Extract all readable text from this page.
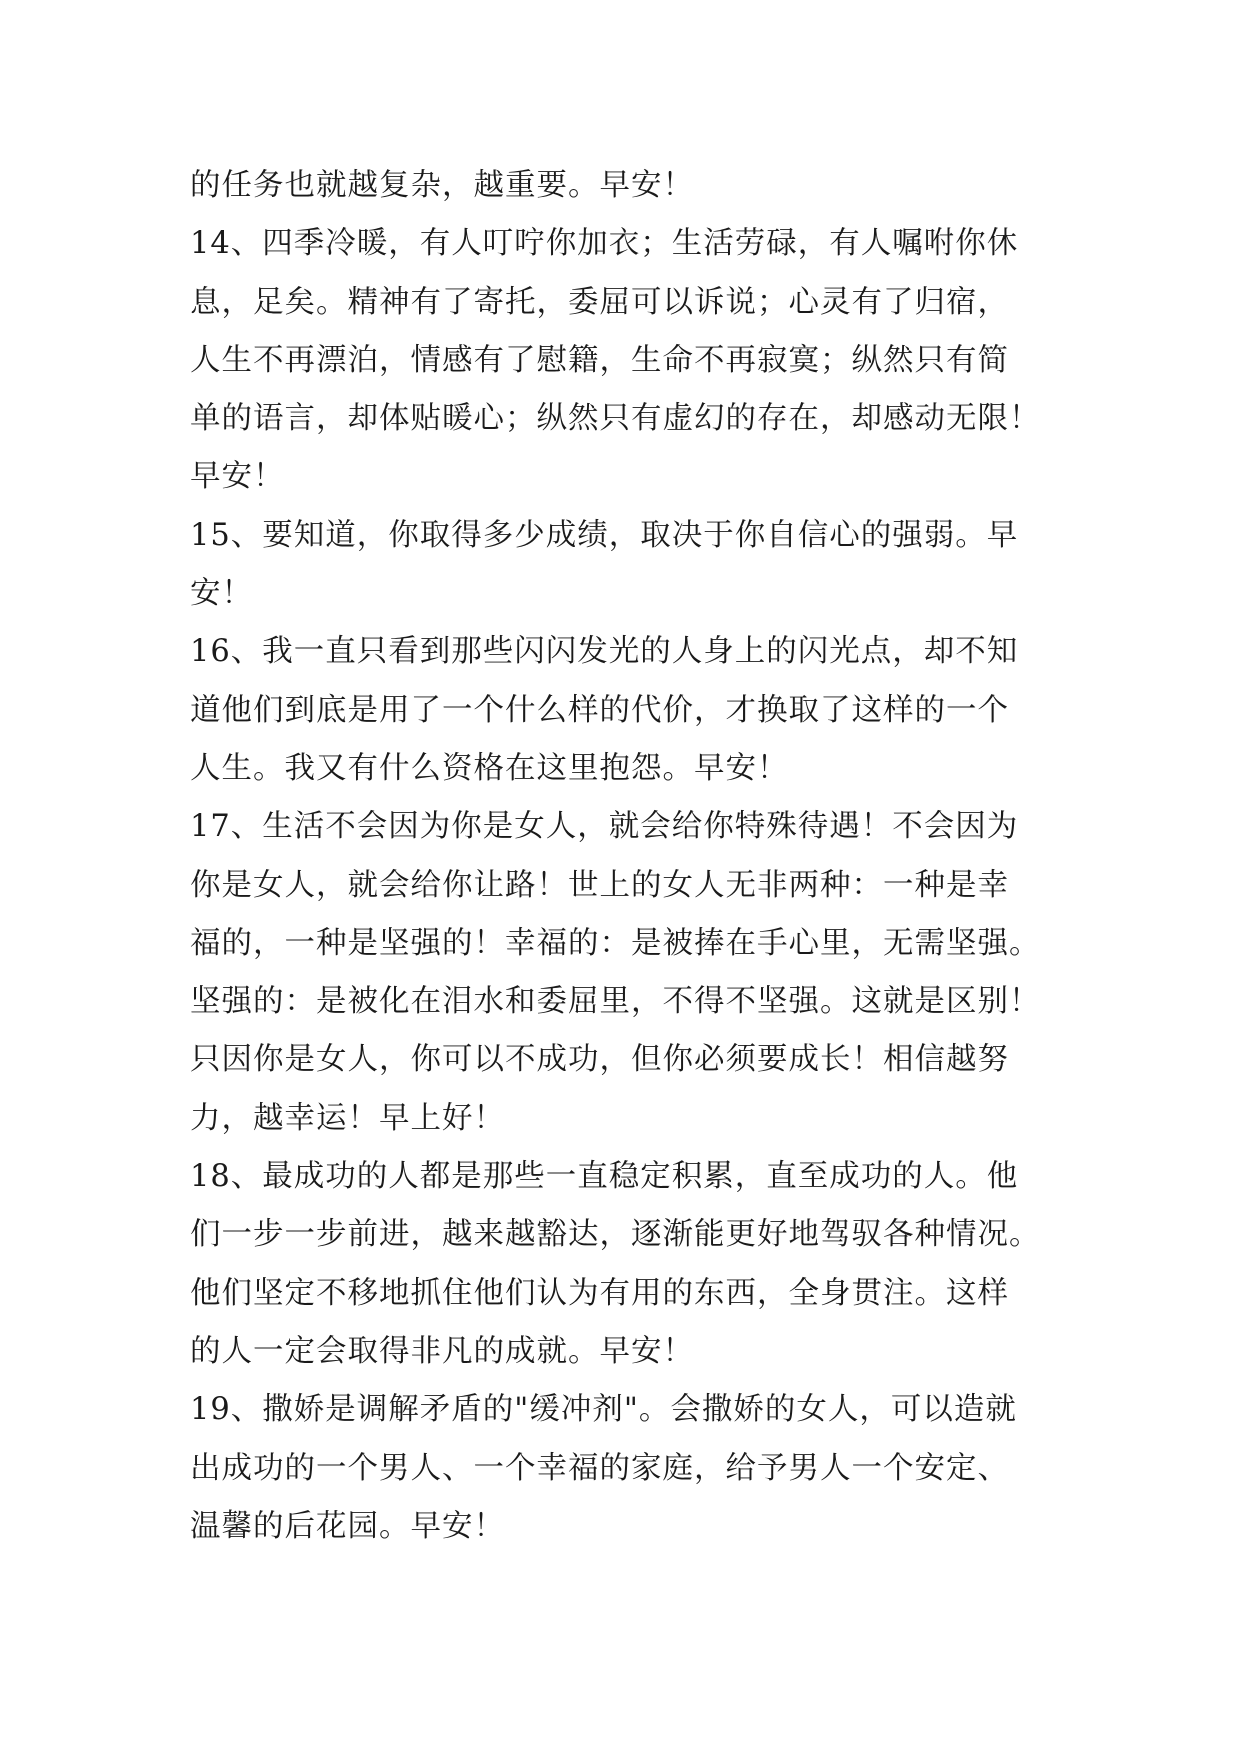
的任务也就越复杂，越重要。早安！
14、四季冷暖，有人叮咛你加衣；生活劳碌，有人嘱咐你休
息，足矣。精神有了寄托，委屈可以诉说；心灵有了归宿，
人生不再漂泊，情感有了慰籍，生命不再寂寞；纵然只有简
单的语言，却体贴暖心；纵然只有虚幻的存在，却感动无限！
早安！
15、要知道，你取得多少成绩，取决于你自信心的强弱。早
安！
16、我一直只看到那些闪闪发光的人身上的闪光点，却不知
道他们到底是用了一个什么样的代价，才换取了这样的一个
人生。我又有什么资格在这里抱怨。早安！
17、生活不会因为你是女人，就会给你特殊待遇！不会因为
你是女人，就会给你让路！世上的女人无非两种：一种是幸
福的，一种是坚强的！幸福的：是被捧在手心里，无需坚强。
坚强的：是被化在泪水和委屈里，不得不坚强。这就是区别！
只因你是女人，你可以不成功，但你必须要成长！相信越努
力，越幸运！早上好！
18、最成功的人都是那些一直稳定积累，直至成功的人。他
们一步一步前进，越来越豁达，逐渐能更好地驾驭各种情况。
他们坚定不移地抓住他们认为有用的东西，全身贯注。这样
的人一定会取得非凡的成就。早安！
19、撒娇是调解矛盾的"缓冲剂"。会撒娇的女人，可以造就
出成功的一个男人、一个幸福的家庭，给予男人一个安定、
温馨的后花园。早安！
